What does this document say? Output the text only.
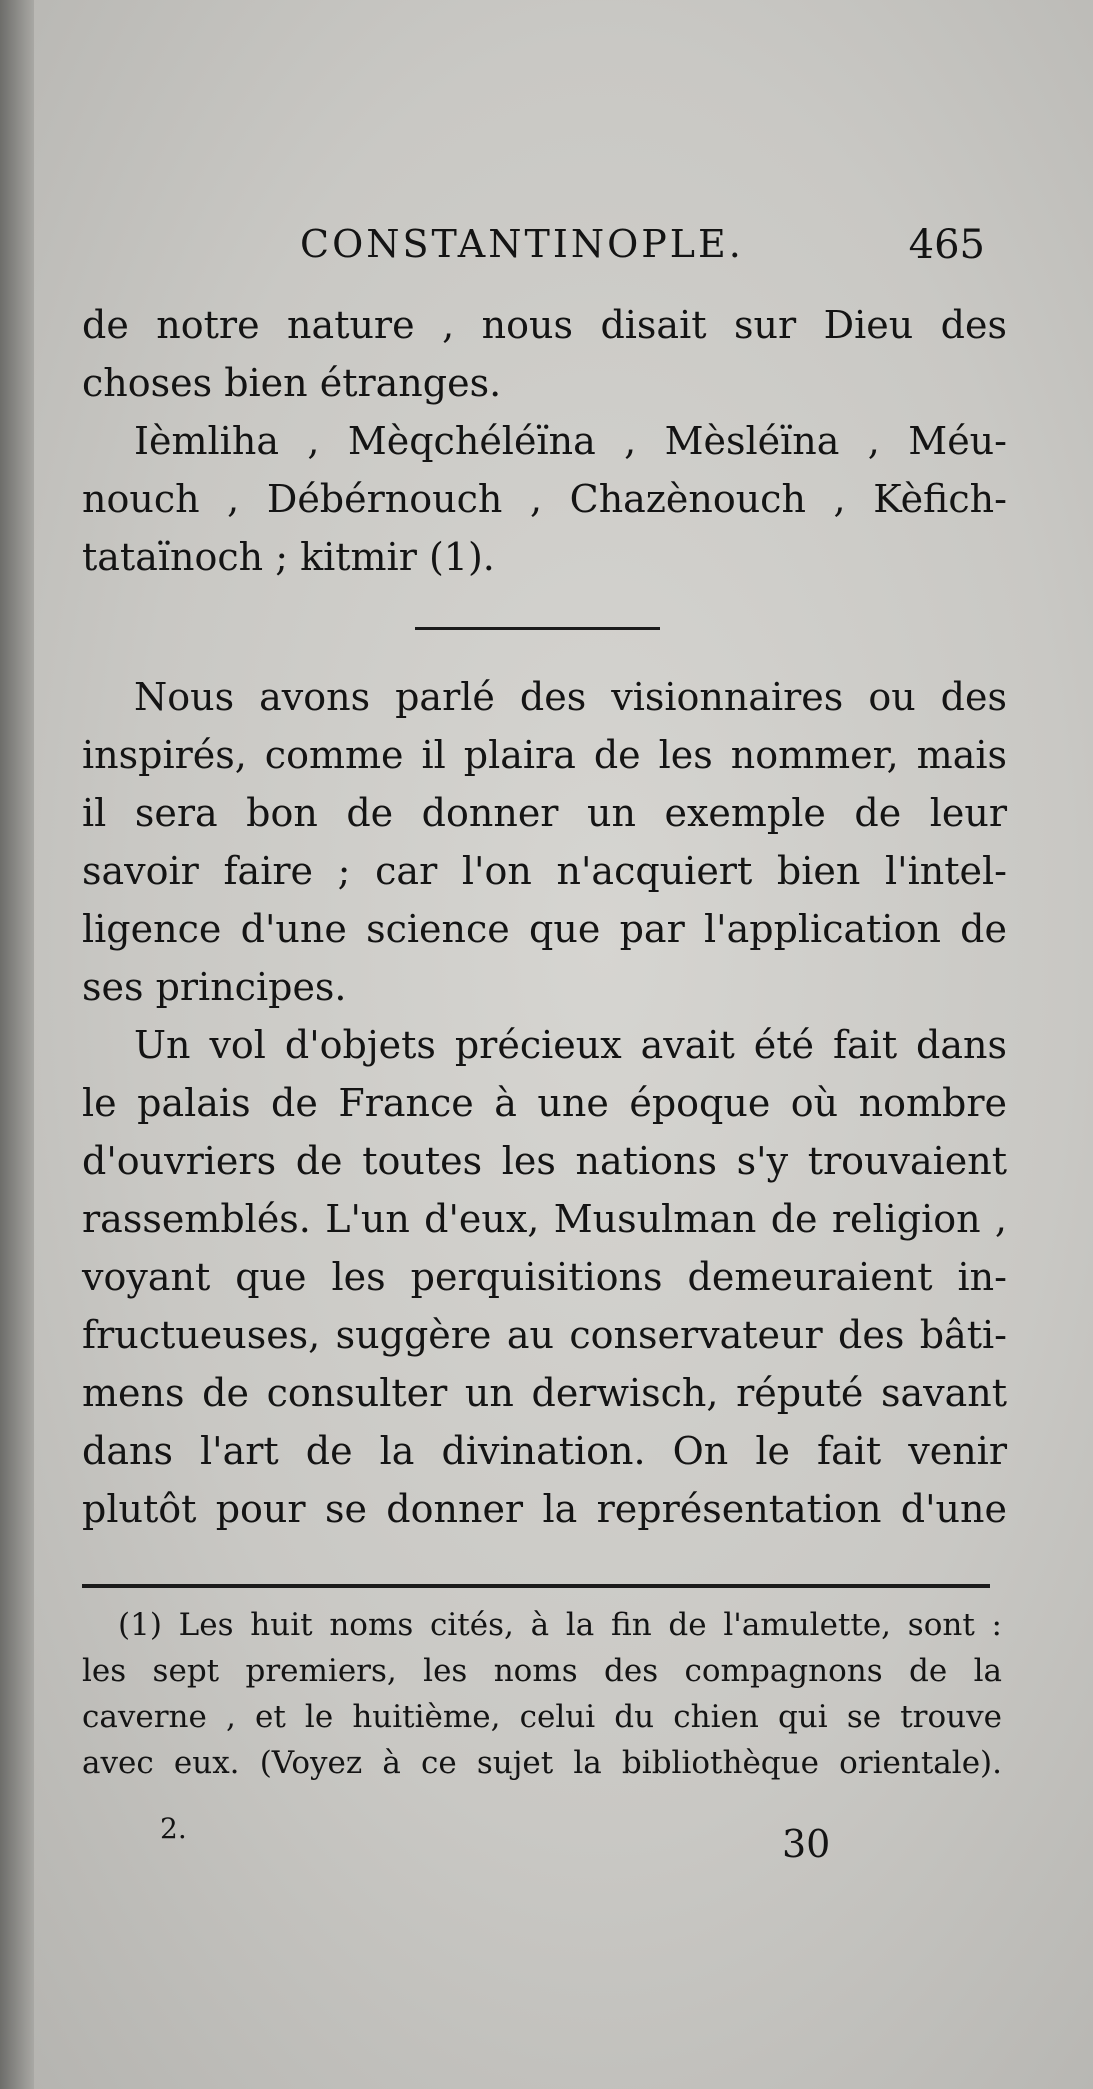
CONSTANTINOPLE.	465
de notre nature , nous disait sur Dieu des
choses bien étranges.
Ièmliha , Mèqchéléïna , Mèsléïna , Méu-
nouch , Débérnouch , Chazènouch , Kèfich-
tataïnoch ; kitmir (1).
Nous avons parlé des visionnaires ou des
inspirés, comme il plaira de les nommer, mais
il sera bon de donner un exemple de leur
savoir faire ; car l'on n'acquiert bien l'intel-
ligence d'une science que par l'application de
ses principes.
Un vol d'objets précieux avait été fait dans
le palais de France à une époque où nombre
d'ouvriers de toutes les nations s'y trouvaient
rassemblés. L'un d'eux, Musulman de religion ,
voyant que les perquisitions demeuraient in-
fructueuses, suggère au conservateur des bâti-
mens de consulter un derwisch, réputé savant
dans l'art de la divination. On le fait venir
plutôt pour se donner la représentation d'une
(1) Les huit noms cités, à la fin de l'amulette, sont :
les sept premiers, les noms des compagnons de la
caverne , et le huitième, celui du chien qui se trouve
avec eux. (Voyez à ce sujet la bibliothèque orientale).
2.	30
